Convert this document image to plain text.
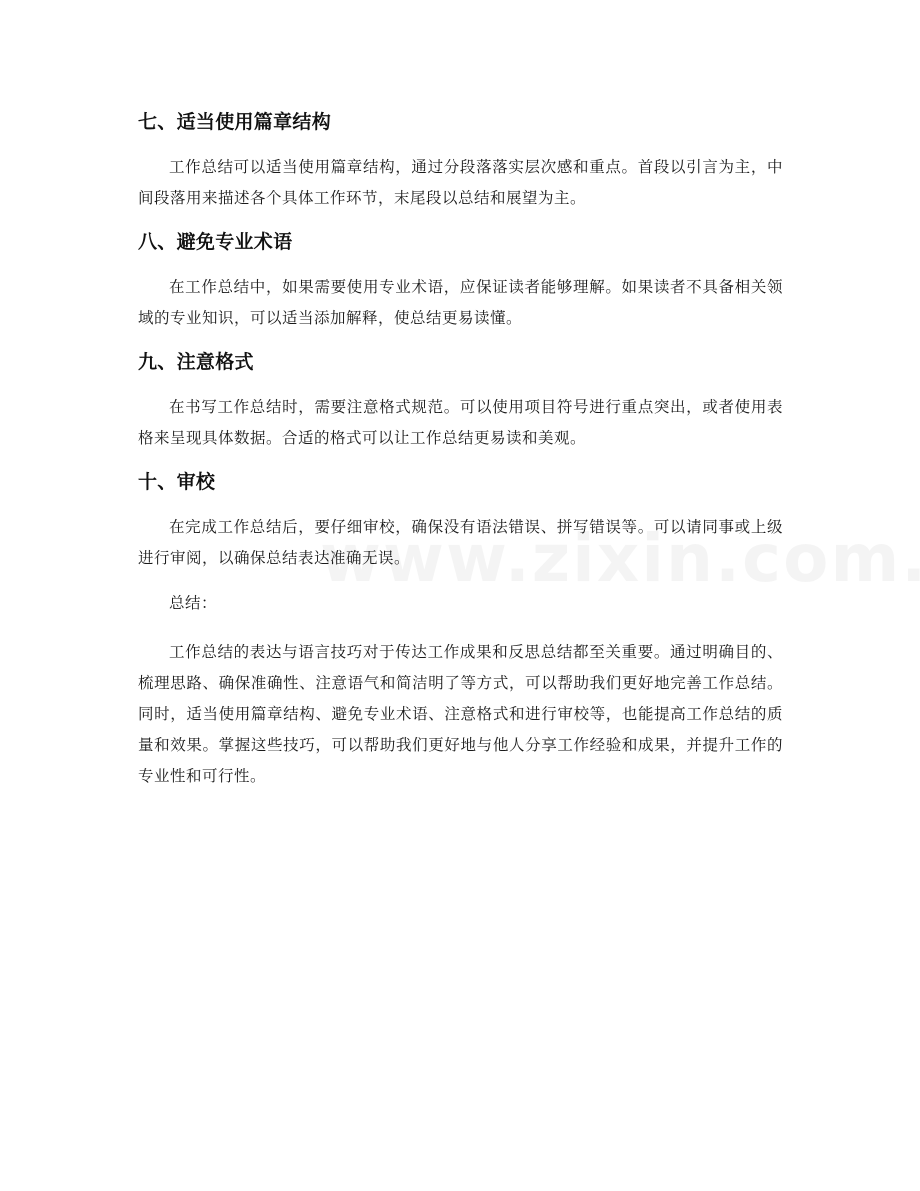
七、适当使用篇章结构

工作总结可以适当使用篇章结构，通过分段落落实层次感和重点。首段以引言为主，中间段落用来描述各个具体工作环节，末尾段以总结和展望为主。

八、避免专业术语

在工作总结中，如果需要使用专业术语，应保证读者能够理解。如果读者不具备相关领域的专业知识，可以适当添加解释，使总结更易读懂。

九、注意格式

在书写工作总结时，需要注意格式规范。可以使用项目符号进行重点突出，或者使用表格来呈现具体数据。合适的格式可以让工作总结更易读和美观。

十、审校

在完成工作总结后，要仔细审校，确保没有语法错误、拼写错误等。可以请同事或上级进行审阅，以确保总结表达准确无误。

总结：

工作总结的表达与语言技巧对于传达工作成果和反思总结都至关重要。通过明确目的、梳理思路、确保准确性、注意语气和简洁明了等方式，可以帮助我们更好地完善工作总结。同时，适当使用篇章结构、避免专业术语、注意格式和进行审校等，也能提高工作总结的质量和效果。掌握这些技巧，可以帮助我们更好地与他人分享工作经验和成果，并提升工作的专业性和可行性。
